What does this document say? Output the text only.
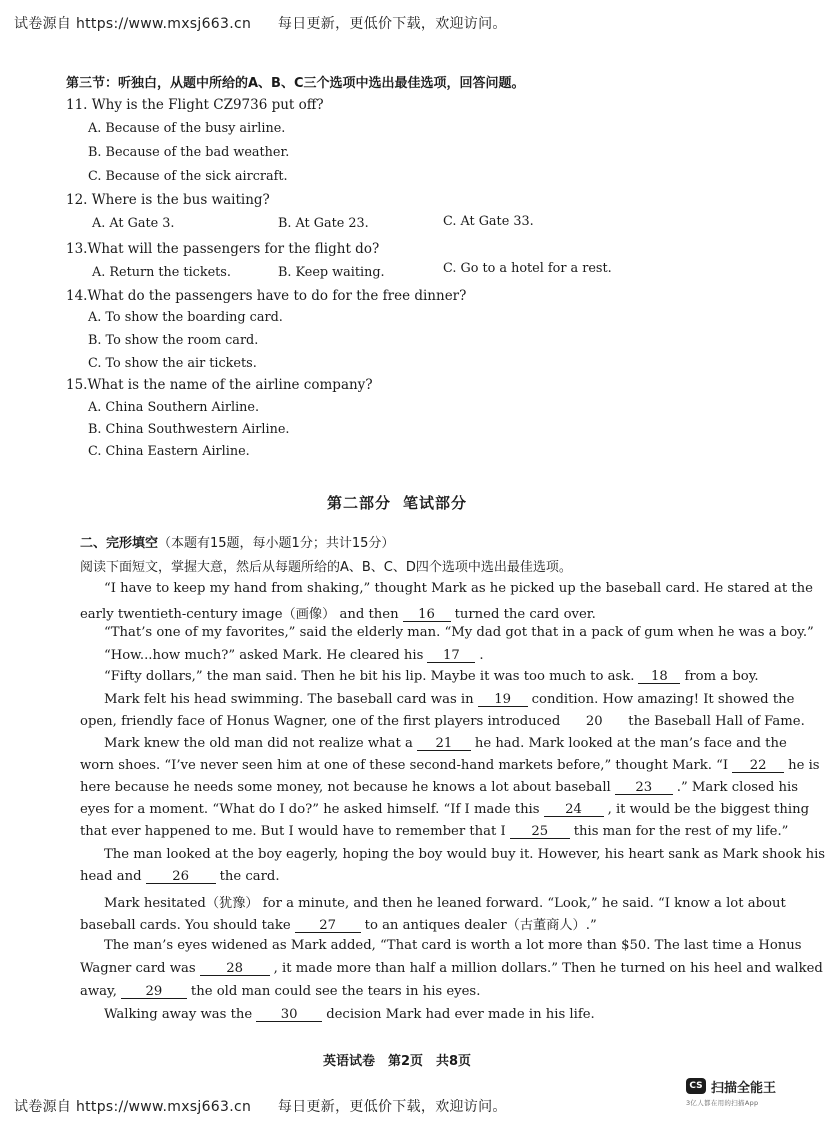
试卷源自 https://www.mxsj663.cn 每日更新，更低价下载，欢迎访问。
第三节：听独白，从题中所给的A、B、C三个选项中选出最佳选项，回答问题。
11. Why is the Flight CZ9736 put off?
A. Because of the busy airline.
B. Because of the bad weather.
C. Because of the sick aircraft.
12. Where is the bus waiting?
A. At Gate 3.	B. At Gate 23.	C. At Gate 33.
13.What will the passengers for the flight do?
A. Return the tickets.	B. Keep waiting.	C. Go to a hotel for a rest.
14.What do the passengers have to do for the free dinner?
A. To show the boarding card.
B. To show the room card.
C. To show the air tickets.
15.What is the name of the airline company?
A. China Southern Airline.
B. China Southwestern Airline.
C. China Eastern Airline.
第二部分 笔试部分
二、完形填空（本题有15题，每小题1分；共计15分）
阅读下面短文，掌握大意，然后从每题所给的A、B、C、D四个选项中选出最佳选项。
“I have to keep my hand from shaking,” thought Mark as he picked up the baseball card. He stared at the
early twentieth-century image（画像） and then 16 turned the card over.
“That’s one of my favorites,” said the elderly man. “My dad got that in a pack of gum when he was a boy.”
“How...how much?” asked Mark. He cleared his 17 .
“Fifty dollars,” the man said. Then he bit his lip. Maybe it was too much to ask. 18 from a boy.
Mark felt his head swimming. The baseball card was in 19 condition. How amazing! It showed the
open, friendly face of Honus Wagner, one of the first players introduced 20 the Baseball Hall of Fame.
Mark knew the old man did not realize what a 21 he had. Mark looked at the man’s face and the
worn shoes. “I’ve never seen him at one of these second-hand markets before,” thought Mark. “I 22 he is
here because he needs some money, not because he knows a lot about baseball 23 .” Mark closed his
eyes for a moment. “What do I do?” he asked himself. “If I made this 24 , it would be the biggest thing
that ever happened to me. But I would have to remember that I 25 this man for the rest of my life.”
The man looked at the boy eagerly, hoping the boy would buy it. However, his heart sank as Mark shook his
head and 26 the card.
Mark hesitated（犹豫） for a minute, and then he leaned forward. “Look,” he said. “I know a lot about
baseball cards. You should take 27 to an antiques dealer（古董商人）.”
The man’s eyes widened as Mark added, “That card is worth a lot more than $50. The last time a Honus
Wagner card was 28 , it made more than half a million dollars.” Then he turned on his heel and walked
away, 29 the old man could see the tears in his eyes.
Walking away was the 30 decision Mark had ever made in his life.
英语试卷　第2页　共8页
试卷源自 https://www.mxsj663.cn 每日更新，更低价下载，欢迎访问。
CS 扫描全能王
3亿人都在用的扫描App
